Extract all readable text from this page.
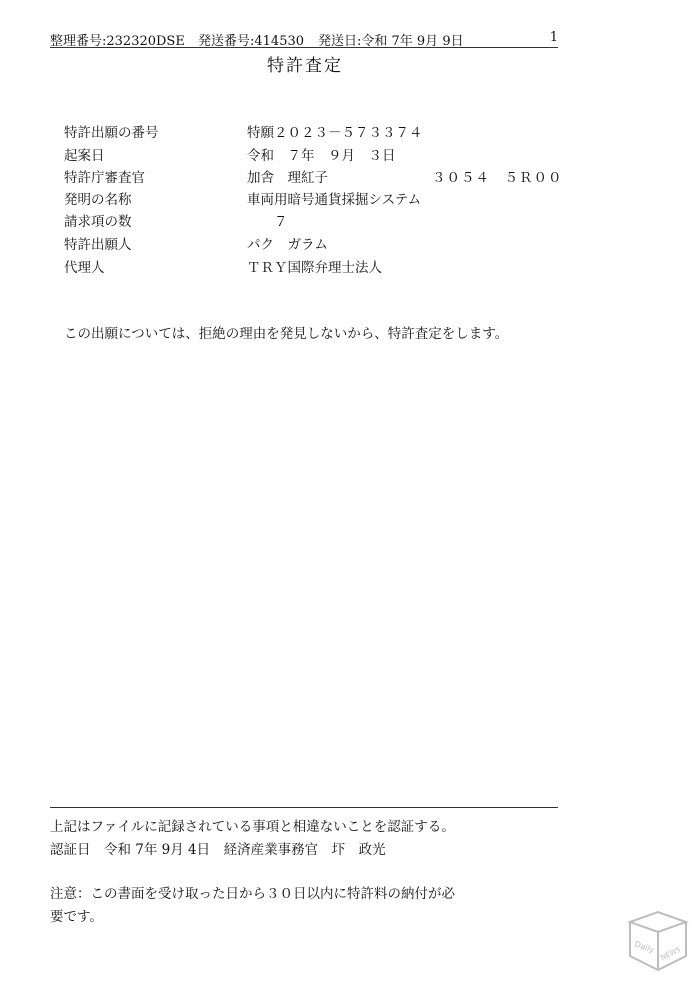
整理番号:232320DSE 発送番号:414530 発送日:令和 7年 9月 9日	1
特許査定
特許出願の番号	特願２０２３－５７３３７４
起案日	令和　７年　９月　３日
特許庁審査官	加舎　理紅子	３０５４　５Ｒ００
発明の名称	車両用暗号通貨採掘システム
請求項の数	　　７
特許出願人	パク　ガラム
代理人	ＴＲＹ国際弁理士法人
この出願については、拒絶の理由を発見しないから、特許査定をします。
上記はファイルに記録されている事項と相違ないことを認証する。
認証日　令和 7年 9月 4日　経済産業事務官　圷　政光
注意：この書面を受け取った日から３０日以内に特許料の納付が必
要です。
Daily NEWS
